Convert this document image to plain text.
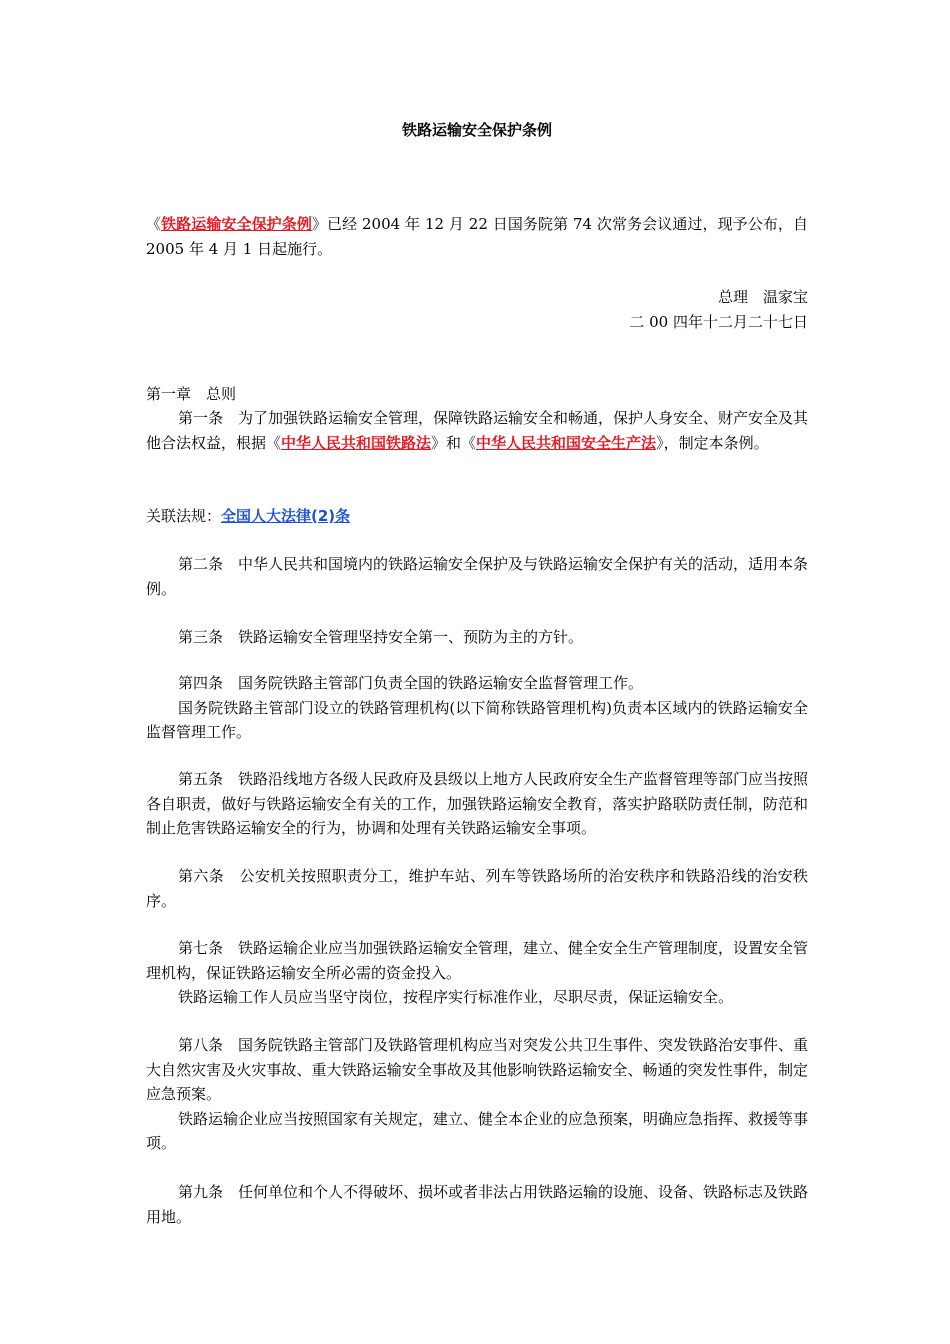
铁路运输安全保护条例

《铁路运输安全保护条例》已经 2004 年 12 月 22 日国务院第 74 次常务会议通过，现予公布，自 2005 年 4 月 1 日起施行。

总理　温家宝
二 00 四年十二月二十七日
第一章　总则

第一条　为了加强铁路运输安全管理，保障铁路运输安全和畅通，保护人身安全、财产安全及其他合法权益，根据《中华人民共和国铁路法》和《中华人民共和国安全生产法》，制定本条例。

关联法规：全国人大法律(2)条

第二条　中华人民共和国境内的铁路运输安全保护及与铁路运输安全保护有关的活动，适用本条例。

第三条　铁路运输安全管理坚持安全第一、预防为主的方针。

第四条　国务院铁路主管部门负责全国的铁路运输安全监督管理工作。

国务院铁路主管部门设立的铁路管理机构(以下简称铁路管理机构)负责本区域内的铁路运输安全监督管理工作。

第五条　铁路沿线地方各级人民政府及县级以上地方人民政府安全生产监督管理等部门应当按照各自职责，做好与铁路运输安全有关的工作，加强铁路运输安全教育，落实护路联防责任制，防范和制止危害铁路运输安全的行为，协调和处理有关铁路运输安全事项。

第六条　公安机关按照职责分工，维护车站、列车等铁路场所的治安秩序和铁路沿线的治安秩序。

第七条　铁路运输企业应当加强铁路运输安全管理，建立、健全安全生产管理制度，设置安全管理机构，保证铁路运输安全所必需的资金投入。

铁路运输工作人员应当坚守岗位，按程序实行标准作业，尽职尽责，保证运输安全。

第八条　国务院铁路主管部门及铁路管理机构应当对突发公共卫生事件、突发铁路治安事件、重大自然灾害及火灾事故、重大铁路运输安全事故及其他影响铁路运输安全、畅通的突发性事件，制定应急预案。

铁路运输企业应当按照国家有关规定，建立、健全本企业的应急预案，明确应急指挥、救援等事项。

第九条　任何单位和个人不得破坏、损坏或者非法占用铁路运输的设施、设备、铁路标志及铁路用地。
